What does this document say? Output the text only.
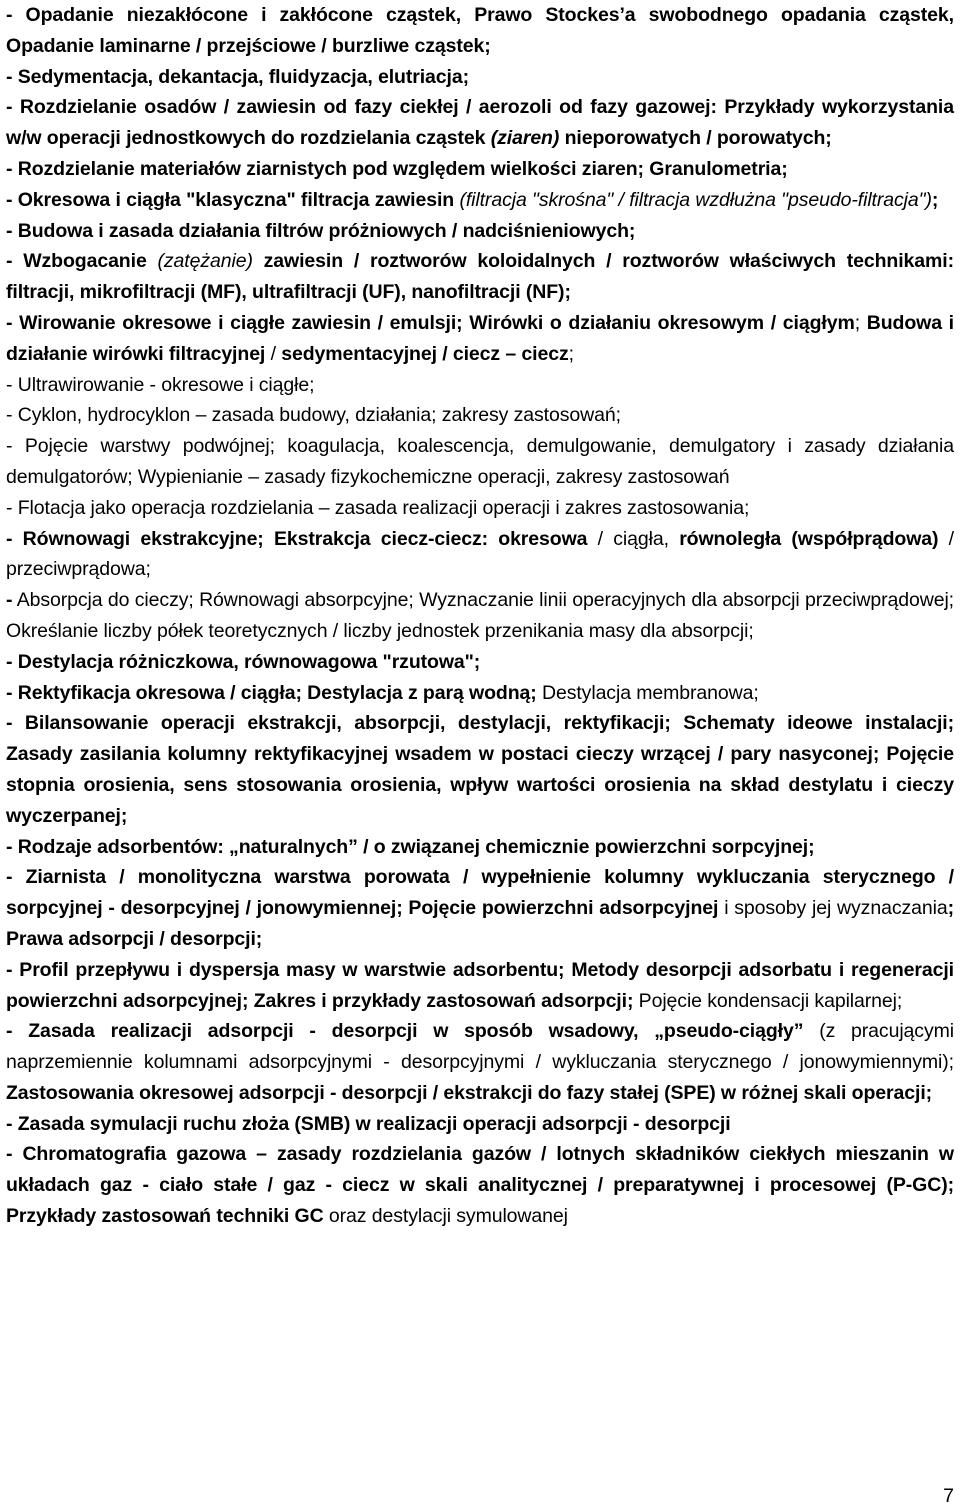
- Opadanie niezakłócone i zakłócone cząstek, Prawo Stockes’a swobodnego opadania cząstek, Opadanie laminarne / przejściowe / burzliwe cząstek;

- Sedymentacja, dekantacja, fluidyzacja, elutriacja;

- Rozdzielanie osadów / zawiesin od fazy ciekłej / aerozoli od fazy gazowej: Przykłady wykorzystania w/w operacji jednostkowych do rozdzielania cząstek (ziaren) nieporowatych / porowatych;

- Rozdzielanie materiałów ziarnistych pod względem wielkości ziaren; Granulometria;

- Okresowa i ciągła "klasyczna" filtracja zawiesin (filtracja "skrośna" / filtracja wzdłużna "pseudo-filtracja");

- Budowa i zasada działania filtrów próżniowych / nadciśnieniowych;

- Wzbogacanie (zatężanie) zawiesin / roztworów koloidalnych / roztworów właściwych technikami: filtracji, mikrofiltracji (MF), ultrafiltracji (UF), nanofiltracji (NF);

- Wirowanie okresowe i ciągłe zawiesin / emulsji; Wirówki o działaniu okresowym / ciągłym; Budowa i działanie wirówki filtracyjnej / sedymentacyjnej / ciecz – ciecz;

- Ultrawirowanie - okresowe i ciągłe;

- Cyklon, hydrocyklon – zasada budowy, działania; zakresy zastosowań;

- Pojęcie warstwy podwójnej; koagulacja, koalescencja, demulgowanie, demulgatory i zasady działania demulgatorów; Wypienianie – zasady fizykochemiczne operacji, zakresy zastosowań

- Flotacja jako operacja rozdzielania – zasada realizacji operacji i zakres zastosowania;

- Równowagi ekstrakcyjne; Ekstrakcja ciecz-ciecz: okresowa / ciągła, równoległa (współprądowa) / przeciwprądowa;

- Absorpcja do cieczy; Równowagi absorpcyjne; Wyznaczanie linii operacyjnych dla absorpcji przeciwprądowej; Określanie liczby półek teoretycznych / liczby jednostek przenikania masy dla absorpcji;

- Destylacja różniczkowa, równowagowa "rzutowa";

- Rektyfikacja okresowa / ciągła; Destylacja z parą wodną; Destylacja membranowa;

- Bilansowanie operacji ekstrakcji, absorpcji, destylacji, rektyfikacji; Schematy ideowe instalacji; Zasady zasilania kolumny rektyfikacyjnej wsadem w postaci cieczy wrzącej / pary nasyconej; Pojęcie stopnia orosienia, sens stosowania orosienia, wpływ wartości orosienia na skład destylatu i cieczy wyczerpanej;

- Rodzaje adsorbentów: „naturalnych” / o związanej chemicznie powierzchni sorpcyjnej;

- Ziarnista / monolityczna warstwa porowata / wypełnienie kolumny wykluczania sterycznego / sorpcyjnej - desorpcyjnej / jonowymiennej; Pojęcie powierzchni adsorpcyjnej i sposoby jej wyznaczania; Prawa adsorpcji / desorpcji;

- Profil przepływu i dyspersja masy w warstwie adsorbentu; Metody desorpcji adsorbatu i regeneracji powierzchni adsorpcyjnej; Zakres i przykłady zastosowań adsorpcji; Pojęcie kondensacji kapilarnej;

- Zasada realizacji adsorpcji - desorpcji w sposób wsadowy, „pseudo-ciągły” (z pracującymi naprzemiennie kolumnami adsorpcyjnymi - desorpcyjnymi / wykluczania sterycznego / jonowymiennymi); Zastosowania okresowej adsorpcji - desorpcji / ekstrakcji do fazy stałej (SPE) w różnej skali operacji;

- Zasada symulacji ruchu złoża (SMB) w realizacji operacji adsorpcji - desorpcji

- Chromatografia gazowa – zasady rozdzielania gazów / lotnych składników ciekłych mieszanin w układach gaz - ciało stałe / gaz - ciecz w skali analitycznej / preparatywnej i procesowej (P-GC); Przykłady zastosowań techniki GC oraz destylacji symulowanej

7
